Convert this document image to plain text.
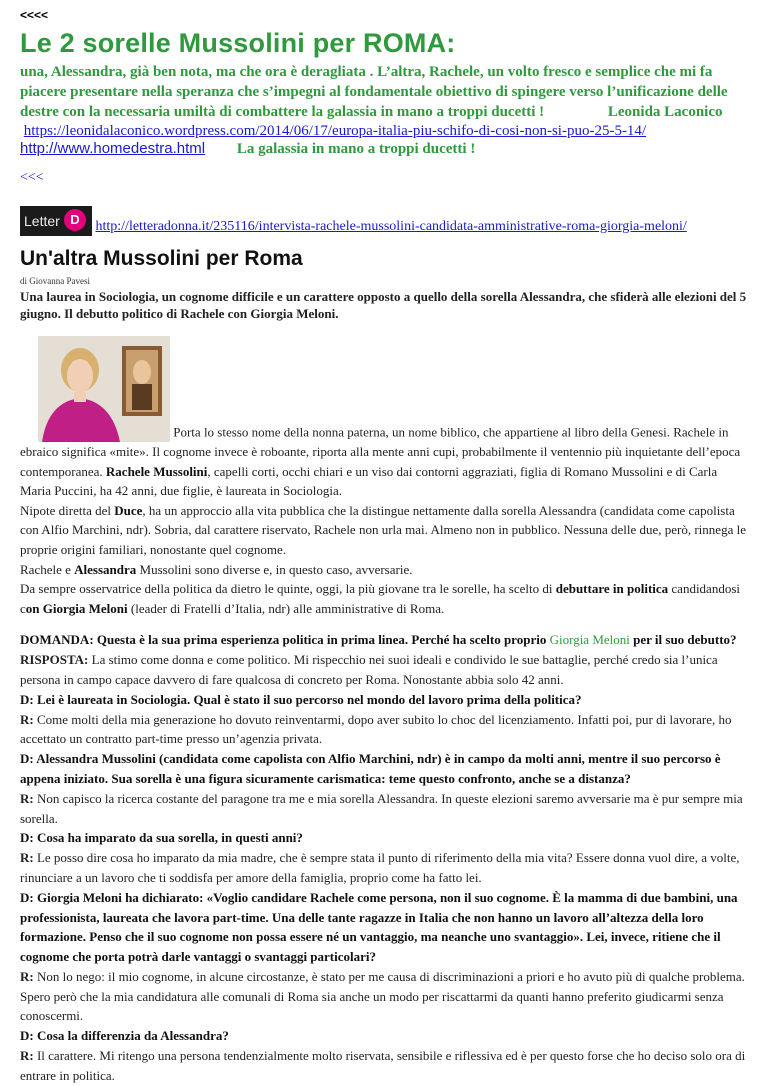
<<<<
Le 2 sorelle Mussolini per ROMA:
una, Alessandra, già ben nota, ma che ora è deragliata . L’altra, Rachele, un volto fresco e semplice che mi fa piacere presentare nella speranza che s’impegni al fondamentale obiettivo di spingere verso l’unificazione delle destre con la necessaria umiltà di combattere la galassia in mano a troppi ducetti !	Leonida Laconico
https://leonidalaconico.wordpress.com/2014/06/17/europa-italia-piu-schifo-di-cosi-non-si-puo-25-5-14/
http://www.homedestra.html La galassia in mano a troppi ducetti !
<<<
Letter D	http://letteradonna.it/235116/intervista-rachele-mussolini-candidata-amministrative-roma-giorgia-meloni/
Un'altra Mussolini per Roma
di Giovanna Pavesi
Una laurea in Sociologia, un cognome difficile e un carattere opposto a quello della sorella Alessandra, che sfiderà alle elezioni del 5 giugno. Il debutto politico di Rachele con Giorgia Meloni.
Porta lo stesso nome della nonna paterna, un nome biblico, che appartiene al libro della Genesi. Rachele in ebraico significa «mite». Il cognome invece è roboante, riporta alla mente anni cupi, probabilmente il ventennio più inquietante dell’epoca contemporanea. Rachele Mussolini, capelli corti, occhi chiari e un viso dai contorni aggraziati, figlia di Romano Mussolini e di Carla Maria Puccini, ha 42 anni, due figlie, è laureata in Sociologia.

Nipote diretta del Duce, ha un approccio alla vita pubblica che la distingue nettamente dalla sorella Alessandra (candidata come capolista con Alfio Marchini, ndr). Sobria, dal carattere riservato, Rachele non urla mai. Almeno non in pubblico. Nessuna delle due, però, rinnega le proprie origini familiari, nonostante quel cognome.

Rachele e Alessandra Mussolini sono diverse e, in questo caso, avversarie.

Da sempre osservatrice della politica da dietro le quinte, oggi, la più giovane tra le sorelle, ha scelto di debuttare in politica candidandosi con Giorgia Meloni (leader di Fratelli d’Italia, ndr) alle amministrative di Roma.

DOMANDA: Questa è la sua prima esperienza politica in prima linea. Perché ha scelto proprio Giorgia Meloni per il suo debutto?

RISPOSTA: La stimo come donna e come politico. Mi rispecchio nei suoi ideali e condivido le sue battaglie, perché credo sia l’unica persona in campo capace davvero di fare qualcosa di concreto per Roma. Nonostante abbia solo 42 anni.

D: Lei è laureata in Sociologia. Qual è stato il suo percorso nel mondo del lavoro prima della politica?

R: Come molti della mia generazione ho dovuto reinventarmi, dopo aver subito lo choc del licenziamento. Infatti poi, pur di lavorare, ho accettato un contratto part-time presso un’agenzia privata.

D: Alessandra Mussolini (candidata come capolista con Alfio Marchini, ndr) è in campo da molti anni, mentre il suo percorso è appena iniziato. Sua sorella è una figura sicuramente carismatica: teme questo confronto, anche se a distanza?

R: Non capisco la ricerca costante del paragone tra me e mia sorella Alessandra. In queste elezioni saremo avversarie ma è pur sempre mia sorella.

D: Cosa ha imparato da sua sorella, in questi anni?

R: Le posso dire cosa ho imparato da mia madre, che è sempre stata il punto di riferimento della mia vita? Essere donna vuol dire, a volte, rinunciare a un lavoro che ti soddisfa per amore della famiglia, proprio come ha fatto lei.

D: Giorgia Meloni ha dichiarato: «Voglio candidare Rachele come persona, non il suo cognome. È la mamma di due bambini, una professionista, laureata che lavora part-time. Una delle tante ragazze in Italia che non hanno un lavoro all’altezza della loro formazione. Penso che il suo cognome non possa essere né un vantaggio, ma neanche uno svantaggio». Lei, invece, ritiene che il cognome che porta potrà darle vantaggi o svantaggi particolari?

R: Non lo nego: il mio cognome, in alcune circostanze, è stato per me causa di discriminazioni a priori e ho avuto più di qualche problema. Spero però che la mia candidatura alle comunali di Roma sia anche un modo per riscattarmi da quanti hanno preferito giudicarmi senza conoscermi.

D: Cosa la differenzia da Alessandra?

R: Il carattere. Mi ritengo una persona tendenzialmente molto riservata, sensibile e riflessiva ed è per questo forse che ho deciso solo ora di entrare in politica.
